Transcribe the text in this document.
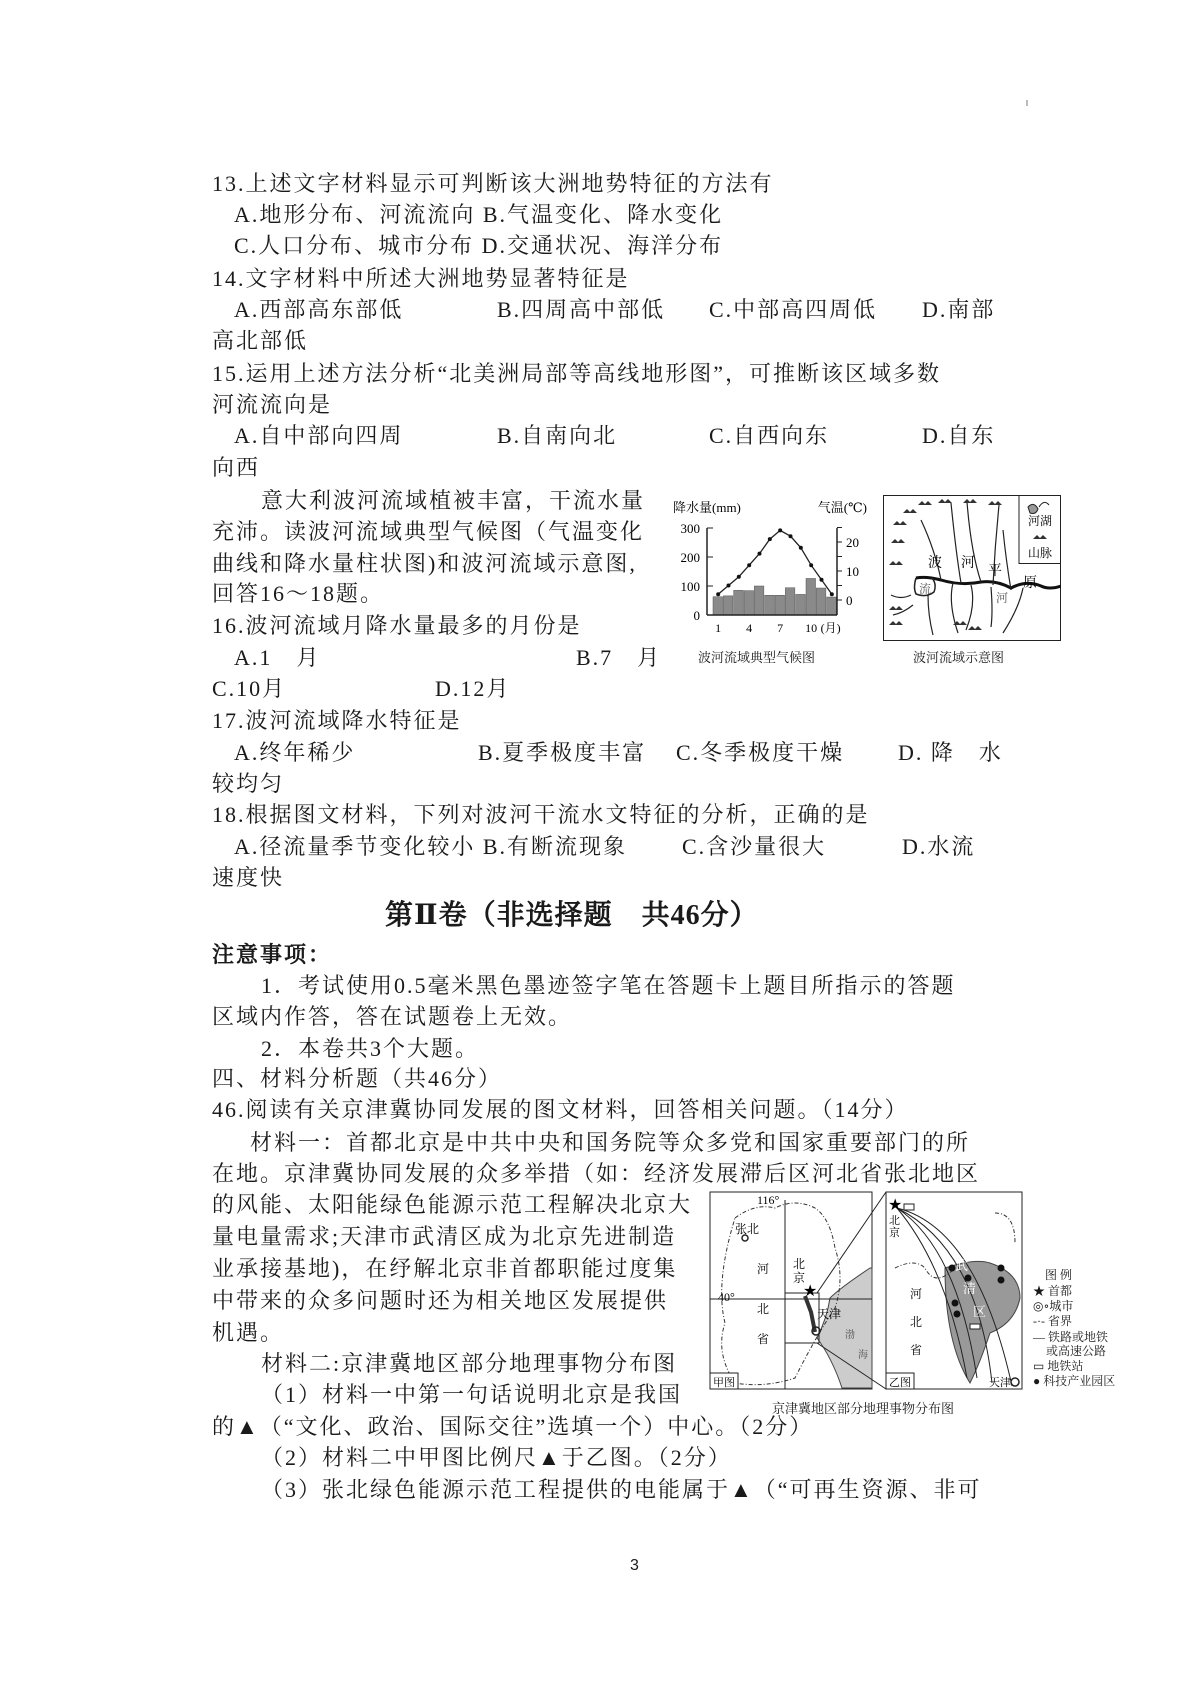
13.上述文字材料显示可判断该大洲地势特征的方法有
A.地形分布、河流流向 B.气温变化、降水变化
C.人口分布、城市分布 D.交通状况、海洋分布
14.文字材料中所述大洲地势显著特征是
A.西部高东部低	B.四周高中部低 C.中部高四周低 D.南部
高北部低
15.运用上述方法分析“北美洲局部等高线地形图”，可推断该区域多数
河流流向是
A.自中部向四周	B.自南向北	C.自西向东	D.自东
向西
意大利波河流域植被丰富，干流水量
充沛。读波河流域典型气候图（气温变化
曲线和降水量柱状图)和波河流域示意图,
回答16～18题。
降水量(mm)	气温(℃)
300
200
100
0
20
10
0
1 4 7 10 (月)
波河流域典型气候图
河湖
山脉
波 河
平
原
流
河
波河流域示意图
16.波河流域月降水量最多的月份是
A.1　月	B.7　月
C.10月	D.12月
17.波河流域降水特征是
A.终年稀少	B.夏季极度丰富 C.冬季极度干燥 D. 降　水
较均匀
18.根据图文材料，下列对波河干流水文特征的分析，正确的是
A.径流量季节变化较小 B.有断流现象 C.含沙量很大	D.水流
速度快
第Ⅱ卷（非选择题　共46分）
注意事项：
1．考试使用0.5毫米黑色墨迹签字笔在答题卡上题目所指示的答题
区域内作答，答在试题卷上无效。
2．本卷共3个大题。
四、材料分析题（共46分）
46.阅读有关京津冀协同发展的图文材料，回答相关问题。（14分）
材料一：首都北京是中共中央和国务院等众多党和国家重要部门的所
在地。京津冀协同发展的众多举措（如：经济发展滞后区河北省张北地区
的风能、太阳能绿色能源示范工程解决北京大
量电量需求;天津市武清区成为北京先进制造
业承接基地)，在纾解北京非首都职能过度集
中带来的众多问题时还为相关地区发展提供
机遇。
材料二:京津冀地区部分地理事物分布图
（1）材料一中第一句话说明北京是我国
的▲（“文化、政治、国际交往”选填一个）中心。（2分）
（2）材料二中甲图比例尺▲于乙图。（2分）
（3）张北绿色能源示范工程提供的电能属于▲（“可再生资源、非可
116°
40°
张北
北
京
河
北
省
天津
渤
海
★
甲图
★
北
京
河
北
省
武
清
区
乙图	天津
图 例
★ 首都
◎∘城市
-·- 省界
— 铁路或地铁
或高速公路
▭ 地铁站
● 科技产业园区
京津冀地区部分地理事物分布图
3
